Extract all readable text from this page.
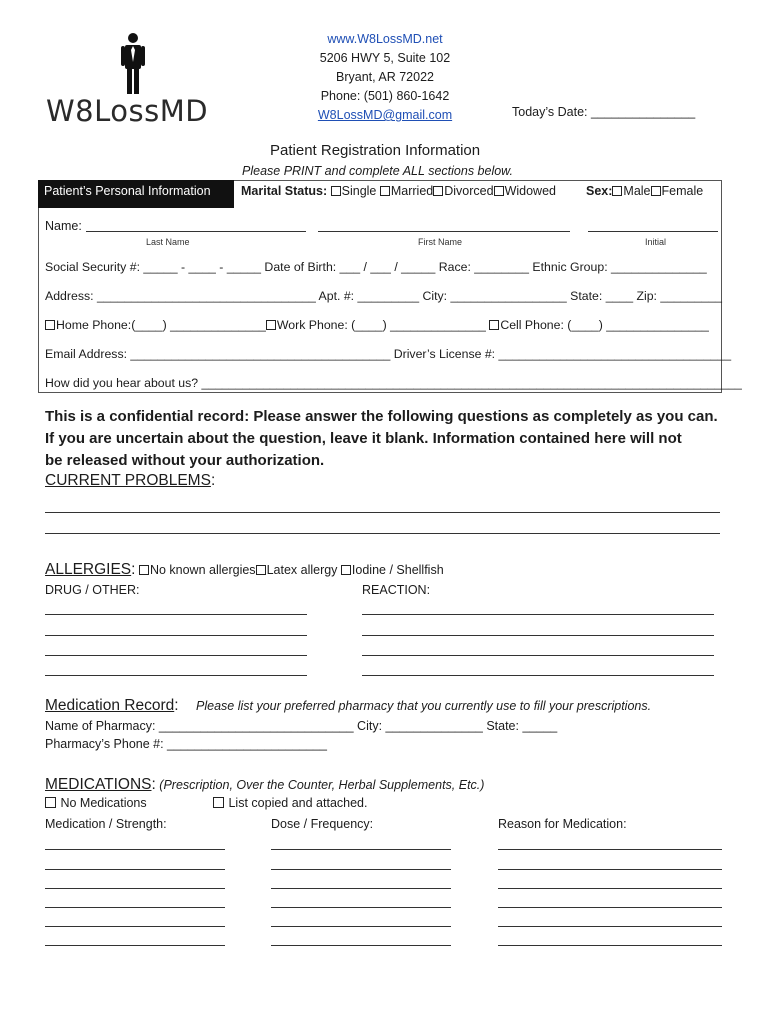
W8LossMD
www.W8LossMD.net
5206 HWY 5, Suite 102
Bryant, AR 72022
Phone: (501) 860-1642
W8LossMD@gmail.com	Today’s Date: _______________
Patient Registration Information
Please PRINT and complete ALL sections below.
Patient’s Personal Information	Marital Status: Single Married Divorced Widowed Sex: Male Female
Name:
Last Name	First Name	Initial
Social Security #: _____ - ____ - _____ Date of Birth: ___ / ___ / _____ Race: ________ Ethnic Group: ______________
Address: ________________________________ Apt. #: _________ City: _________________ State: ____ Zip: _________
Home Phone:(____) ______________ Work Phone: (____) ______________ Cell Phone: (____) _______________
Email Address: ______________________________________ Driver’s License #: __________________________________
How did you hear about us? _______________________________________________________________________________
This is a confidential record: Please answer the following questions as completely as you can.
If you are uncertain about the question, leave it blank. Information contained here will not
be released without your authorization.
CURRENT PROBLEMS:
ALLERGIES: No known allergies Latex allergy Iodine / Shellfish
DRUG / OTHER:	REACTION:
Medication Record: Please list your preferred pharmacy that you currently use to fill your prescriptions.
Name of Pharmacy: ____________________________ City: ______________ State: _____
Pharmacy’s Phone #: _______________________
MEDICATIONS: (Prescription, Over the Counter, Herbal Supplements, Etc.)
No Medications	List copied and attached.
Medication / Strength:	Dose / Frequency:	Reason for Medication:
